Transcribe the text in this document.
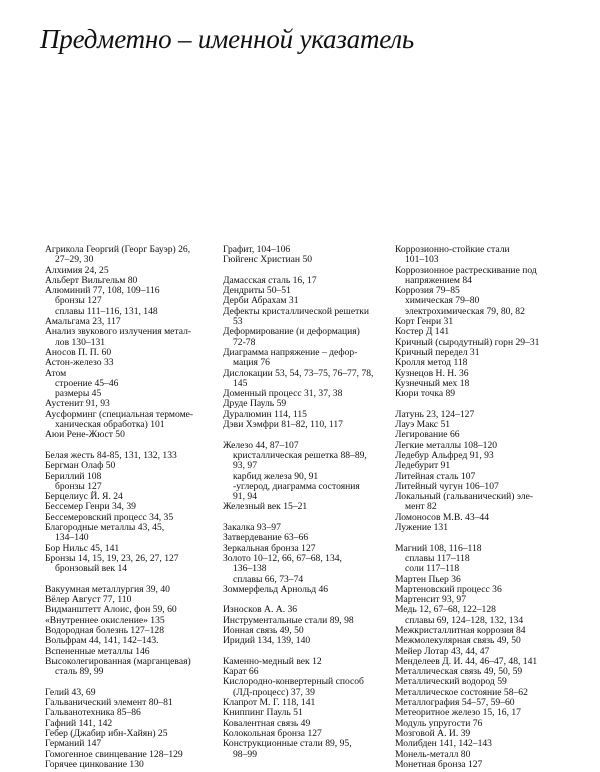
Предметно – именной указатель
Агрикола Георгий (Георг Бауэр) 26,
27–29, 30
Алхимия 24, 25
Альберт Вильгельм 80
Алюминий 77, 108, 109–116
бронзы 127
сплавы 111–116, 131, 148
Амальгама 23, 117
Анализ звукового излучения метал-
лов 130–131
Аносов П. П. 60
Астон-железо 33
Атом
строение 45–46
размеры 45
Аустенит 91, 93
Аусформинг (специальная термоме-
ханическая обработка) 101
Аюи Рене-Жюст 50
Белая жесть 84-85, 131, 132, 133
Бергман Олаф 50
Бериллий 108
бронзы 127
Берцелиус Й. Я. 24
Бессемер Генри 34, 39
Бессемеровский процесс 34, 35
Благородные металлы 43, 45,
134–140
Бор Нильс 45, 141
Бронзы 14, 15, 19, 23, 26, 27, 127
бронзовый век 14
Вакуумная металлургия 39, 40
Вёлер Август 77, 110
Видманштетт Алоис, фон 59, 60
«Внутреннее окисление» 135
Водородная болезнь 127–128
Вольфрам 44, 141, 142–143.
Вспененные металлы 146
Высоколегированная (марганцевая)
сталь 89, 99
Гелий 43, 69
Гальванический элемент 80–81
Гальванотехника 85–86
Гафний 141, 142
Гебер (Джабир ибн-Хайян) 25
Германий 147
Гомогенное свинцевание 128–129
Горячее цинкование 130
Графит, 104–106
Гюйгенс Христиан 50
Дамасская сталь 16, 17
Дендриты 50–51
Дерби Абрахам 31
Дефекты кристаллической решетки
53
Деформирование (и деформация)
72-78
Диаграмма напряжение – дефор-
мация 76
Дислокации 53, 54, 73–75, 76–77, 78,
145
Доменный процесс 31, 37, 38
Друде Пауль 59
Дуралюмин 114, 115
Дэви Хэмфри 81–82, 110, 117
Железо 44, 87–107
кристаллическая решетка 88–89,
93, 97
карбид железа 90, 91
-углерод, диаграмма состояния
91, 94
Железный век 15–21
Закалка 93–97
Затвердевание 63–66
Зеркальная бронза 127
Золото 10–12, 66, 67–68, 134,
136–138
сплавы 66, 73–74
Зоммерфельд Арнольд 46
Износков А. А. 36
Инструментальные стали 89, 98
Ионная связь 49, 50
Иридий 134, 139, 140
Каменно-медный век 12
Карат 66
Кислородно-конвертерный способ
(ЛД-процесс) 37, 39
Клапрот М. Г. 118, 141
Книппинг Пауль 51
Ковалентная связь 49
Колокольная бронза 127
Конструкционные стали 89, 95,
98–99
Коррозионно-стойкие стали
101–103
Коррозионное растрескивание под
напряжением 84
Коррозия 79–85
химическая 79–80
электрохимическая 79, 80, 82
Корт Генри 31
Костер Д 141
Кричный (сыродутный) горн 29–31
Кричный передел 31
Кролля метод 118
Кузнецов Н. Н. 36
Кузнечный мех 18
Кюри точка 89
Латунь 23, 124–127
Лауэ Макс 51
Легирование 66
Легкие металлы 108–120
Ледебур Альфред 91, 93
Ледебурит 91
Литейная сталь 107
Литейный чугун 106–107
Локальный (гальванический) эле-
мент 82
Ломоносов М.В. 43–44
Лужение 131
Магний 108, 116–118
сплавы 117–118
соли 117–118
Мартен Пьер 36
Мартеновский процесс 36
Мартенсит 93, 97
Медь 12, 67–68, 122–128
сплавы 69, 124–128, 132, 134
Межкристаллитная коррозия 84
Межмолекулярная связь 49, 50
Мейер Лотар 43, 44, 47
Менделеев Д. И. 44, 46–47, 48, 141
Металлическая связь 49, 50, 59
Металлический водород 59
Металлическое состояние 58–62
Металлография 54–57, 59–60
Метеоритное железо 15, 16, 17
Модуль упругости 76
Мозговой А. И. 39
Молибден 141, 142–143
Монель-металл 80
Монетная бронза 127
